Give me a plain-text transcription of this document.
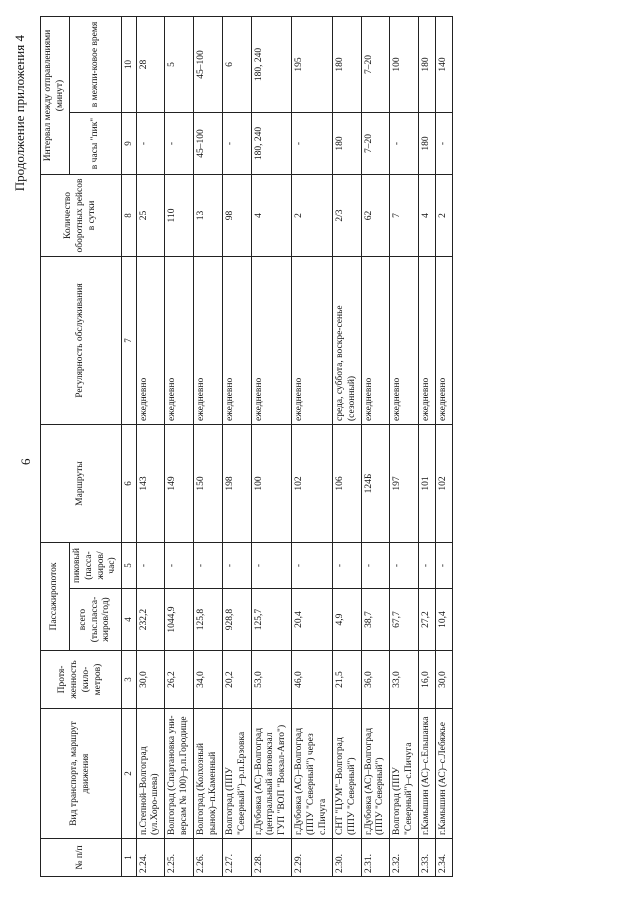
6
Продолжение приложения 4
№ п/п	Вид транспорта, маршрут движения	Протя-женность (кило-метров)	Пассажиропоток		Маршруты	Регулярность обслуживания	Количество оборотных рейсов в сутки	Интервал между отправлениями (минут)	
			всего (тыс.пасса-жиров/год)	пиковый (пасса-жиров/час)				в часы "пик"	в межпи-ковое время
1	2	3	4	5	6	7	8	9	10
2.24.	п.Степной–Волгоград (ул.Хоро-шева)	30,0	232,2	-	143	ежедневно	25	-	28
2.25.	Волгоград (Спартановка уни-версам № 100)–р.п.Городище	26,2	1044,9	-	149	ежедневно	110	-	5
2.26.	Волгоград (Колхозный рынок)–п.Каменный	34,0	125,8	-	150	ежедневно	13	45–100	45–100
2.27.	Волгоград (ППУ "Северный")–р.п.Ерзовка	20,2	928,8	-	198	ежедневно	98	-	6
2.28.	г.Дубовка (АС)–Волгоград (центральный автовокзал ГУП "ВОП "Вокзал-Авто")	53,0	125,7	-	100	ежедневно	4	180, 240	180, 240
2.29.	г.Дубовка (АС)–Волгоград (ППУ "Северный") через с.Пичуга	46,0	20,4	-	102	ежедневно	2	-	195
2.30.	СНТ "ЦУМ"–Волгоград (ППУ "Северный")	21,5	4,9	-	106	среда, суббота, воскре-сенье (сезонный)	2/3	180	180
2.31.	г.Дубовка (АС)–Волгоград (ППУ "Северный")	36,0	38,7	-	124Б	ежедневно	62	7–20	7–20
2.32.	Волгоград (ППУ "Северный")–с.Пичуга	33,0	67,7	-	197	ежедневно	7	-	100
2.33.	г.Камышин (АС)–с.Ельшанка	16,0	27,2	-	101	ежедневно	4	180	180
2.34.	г.Камышин (АС)–с.Лебяжье	30,0	10,4	-	102	ежедневно	2	-	140
